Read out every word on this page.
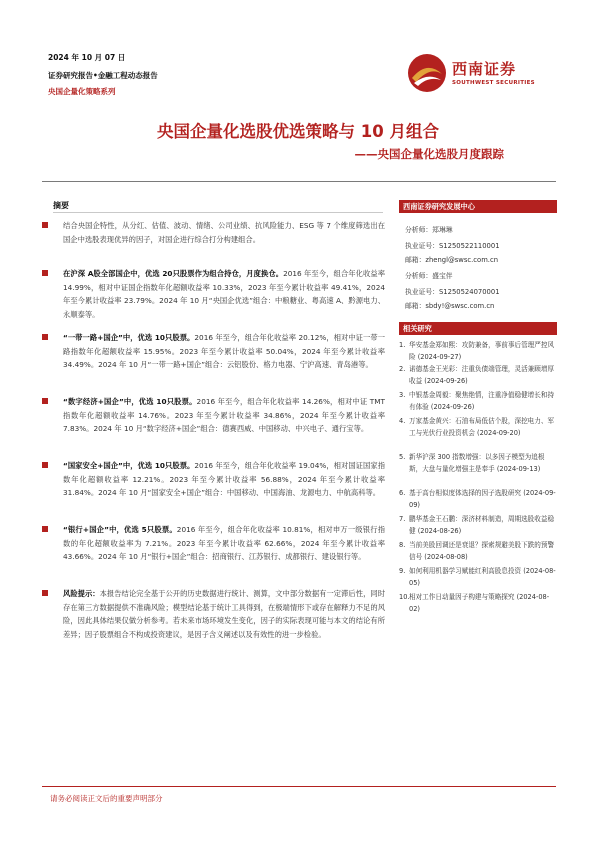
2024 年 10 月 07 日
证券研究报告•金融工程动态报告
央国企量化策略系列
西南证券
SOUTHWEST SECURITIES
央国企量化选股优选策略与 10 月组合
——央国企量化选股月度跟踪
摘要
结合央国企特性，从分红、估值、波动、情绪、公司业绩、抗风险能力、ESG 等 7 个维度筛选出在国企中选股表现优异的因子，对国企进行综合打分构建组合。
在沪深 A股全部国企中，优选 20只股票作为组合持仓，月度换仓。2016 年至今，组合年化收益率 14.99%，相对中证国企指数年化超额收益率 10.33%，2023 年至今累计收益率 49.41%，2024 年至今累计收益率 23.79%。2024 年 10 月“央国企优选”组合：中粮糖业、粤高速 A、黔源电力、永顺泰等。
“一带一路+国企”中，优选 10只股票。2016 年至今，组合年化收益率 20.12%，相对中证一带一路指数年化超额收益率 15.95%。2023 年至今累计收益率 50.04%，2024 年至今累计收益率 34.49%。2024 年 10 月“一带一路+国企”组合：云铝股份、格力电器、宁沪高速、青岛港等。
“数字经济+国企”中，优选 10只股票。2016 年至今，组合年化收益率 14.26%，相对中证 TMT 指数年化超额收益率 14.76%。2023 年至今累计收益率 34.86%，2024 年至今累计收益率 7.83%。2024 年 10 月“数字经济+国企”组合：德赛西威、中国移动、中兴电子、通行宝等。
“国家安全+国企”中，优选 10只股票。2016 年至今，组合年化收益率 19.04%，相对国证国家指数年化超额收益率 12.21%。2023 年至今累计收益率 56.88%，2024 年至今累计收益率 31.84%。2024 年 10 月“国家安全+国企”组合：中国移动、中国海油、龙源电力、中航高科等。
“银行+国企”中，优选 5只股票。2016 年至今，组合年化收益率 10.81%，相对申万一级银行指数的年化超额收益率为 7.21%。2023 年至今累计收益率 62.66%，2024 年至今累计收益率 43.66%。2024 年 10 月“银行+国企”组合：招商银行、江苏银行、成都银行、建设银行等。
风险提示：本报告结论完全基于公开的历史数据进行统计、测算，文中部分数据有一定滞后性，同时存在第三方数据提供不准确风险；模型结论基于统计工具得到，在极端情形下或存在解释力不足的风险，因此具体结果仅做分析参考。若未来市场环境发生变化，因子的实际表现可能与本文的结论有所差异；因子股票组合不构成投资建议，是因子含义阐述以及有效性的进一步检验。
西南证券研究发展中心
分析师：郑琳琳
执业证号：S1250522110001
邮箱：zhengl@swsc.com.cn
分析师：盛宝伴
执业证号：S1250524070001
邮箱：sbdy!@swsc.com.cn
相关研究
1. 华安基金郑如熙：攻防兼备，事前事后管理严控风险 (2024-09-27)
2. 诺德基金王光彩：注重负债端管理，灵活兼顾增厚收益 (2024-09-26)
3. 中银基金周毅：聚焦绝情，注重净值稳健增长和持有体验 (2024-09-26)
4. 万家基金黄兴：石油布局低估个股，深挖电力、军工与光伏行业投资机会 (2024-09-20)
5. 新华沪深 300 指数增强：以多因子模型为追根斯，大盘与量化增强主是奉手 (2024-09-13)
6. 基于高台相似度体选择的因子选股研究 (2024-09-09)
7. 鹏华基金王石鹏：深济材料制造，周期选股收益稳健 (2024-08-26)
8. 当前美股回调还是衰退？探索规避美股下跌的预警信号 (2024-08-08)
9. 如何利用机器学习赋能红利高股息投资 (2024-08-05)
10. 相对工作日动量因子构建与策略探究 (2024-08-02)
请务必阅读正文后的重要声明部分
